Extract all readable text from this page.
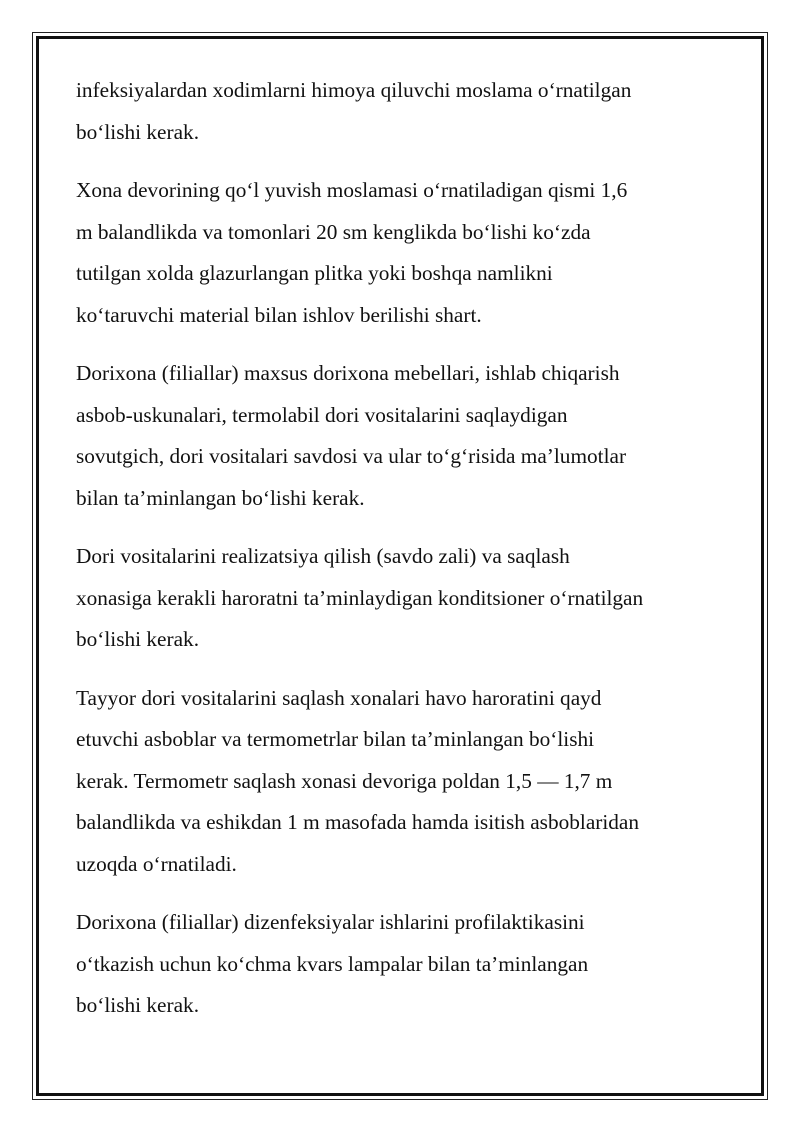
infeksiyalardan xodimlarni himoya qiluvchi moslama oʻrnatilgan
boʻlishi kerak.

Xona devorining qoʻl yuvish moslamasi oʻrnatiladigan qismi 1,6
m balandlikda va tomonlari 20 sm kenglikda boʻlishi koʻzda
tutilgan xolda glazurlangan plitka yoki boshqa namlikni
koʻtaruvchi material bilan ishlov berilishi shart.

Dorixona (filiallar) maxsus dorixona mebellari, ishlab chiqarish
asbob-uskunalari, termolabil dori vositalarini saqlaydigan
sovutgich, dori vositalari savdosi va ular toʻgʻrisida maʼlumotlar
bilan taʼminlangan boʻlishi kerak.

Dori vositalarini realizatsiya qilish (savdo zali) va saqlash
xonasiga kerakli haroratni taʼminlaydigan konditsioner oʻrnatilgan
boʻlishi kerak.

Tayyor dori vositalarini saqlash xonalari havo haroratini qayd
etuvchi asboblar va termometrlar bilan taʼminlangan boʻlishi
kerak. Termometr saqlash xonasi devoriga poldan 1,5 — 1,7 m
balandlikda va eshikdan 1 m masofada hamda isitish asboblaridan
uzoqda oʻrnatiladi.

Dorixona (filiallar) dizenfeksiyalar ishlarini profilaktikasini
oʻtkazish uchun koʻchma kvars lampalar bilan taʼminlangan
boʻlishi kerak.
